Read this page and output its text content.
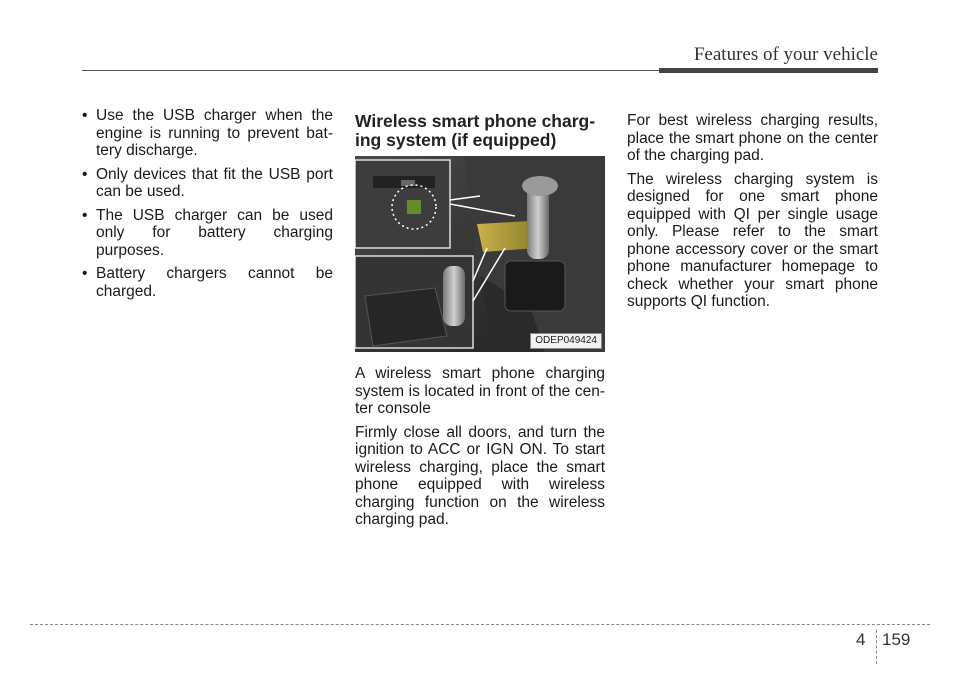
Features of your vehicle
• Use the USB charger when the engine is running to prevent battery discharge.
• Only devices that fit the USB port can be used.
• The USB charger can be used only for battery charging purposes.
• Battery chargers cannot be charged.
Wireless smart phone charg-
ing system (if equipped)
ODEP049424

A wireless smart phone charging system is located in front of the center console

Firmly close all doors, and turn the ignition to ACC or IGN ON. To start wireless charging, place the smart phone equipped with wireless charging function on the wireless charging pad.

For best wireless charging results, place the smart phone on the center of the charging pad.

The wireless charging system is designed for one smart phone equipped with QI per single usage only. Please refer to the smart phone accessory cover or the smart phone manufacturer homepage to check whether your smart phone supports QI function.

4 159
